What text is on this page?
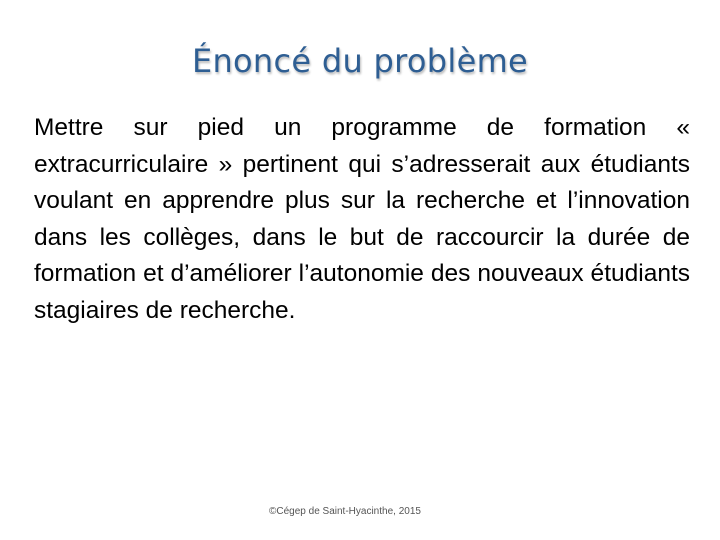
Énoncé du problème
Mettre sur pied un programme de formation « extracurriculaire » pertinent qui s’adresserait aux étudiants voulant en apprendre plus sur la recherche et l’innovation dans les collèges, dans le but de raccourcir la durée de formation et d’améliorer l’autonomie des nouveaux étudiants stagiaires de recherche.
©Cégep de Saint-Hyacinthe, 2015
